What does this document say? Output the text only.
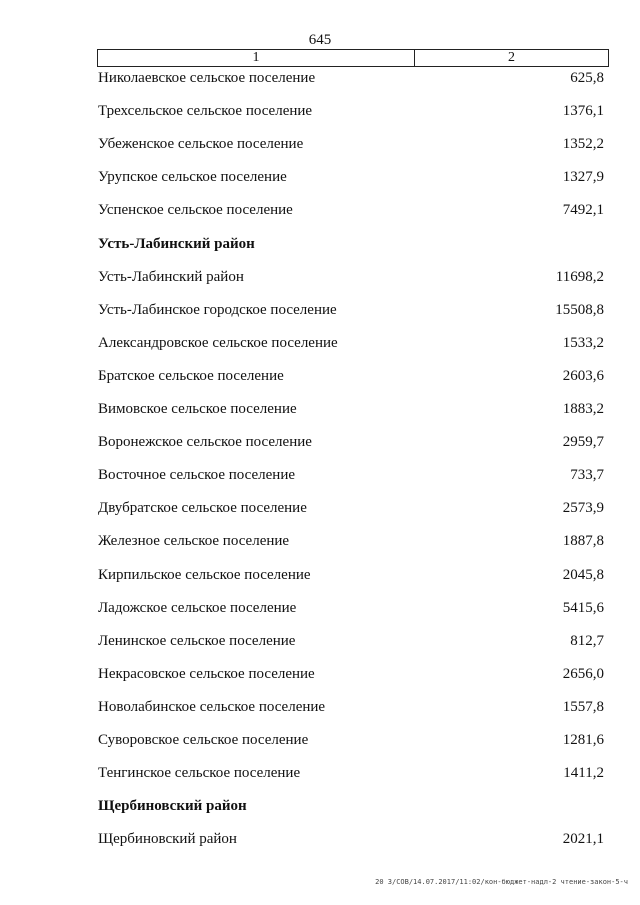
645
1	2
Николаевское сельское поселение	625,8
Трехсельское сельское поселение	1376,1
Убеженское сельское поселение	1352,2
Урупское сельское поселение	1327,9
Успенское сельское поселение	7492,1
Усть-Лабинский район
Усть-Лабинский район	11698,2
Усть-Лабинское городское поселение	15508,8
Александровское сельское поселение	1533,2
Братское сельское поселение	2603,6
Вимовское сельское поселение	1883,2
Воронежское сельское поселение	2959,7
Восточное сельское поселение	733,7
Двубратское сельское поселение	2573,9
Железное сельское поселение	1887,8
Кирпильское сельское поселение	2045,8
Ладожское сельское поселение	5415,6
Ленинское сельское поселение	812,7
Некрасовское сельское поселение	2656,0
Новолабинское сельское поселение	1557,8
Суворовское сельское поселение	1281,6
Тенгинское сельское поселение	1411,2
Щербиновский район
Щербиновский район	2021,1
20 3/СОВ/14.07.2017/11:02/кон-бюджет-надл-2 чтение-закон-5-ч
